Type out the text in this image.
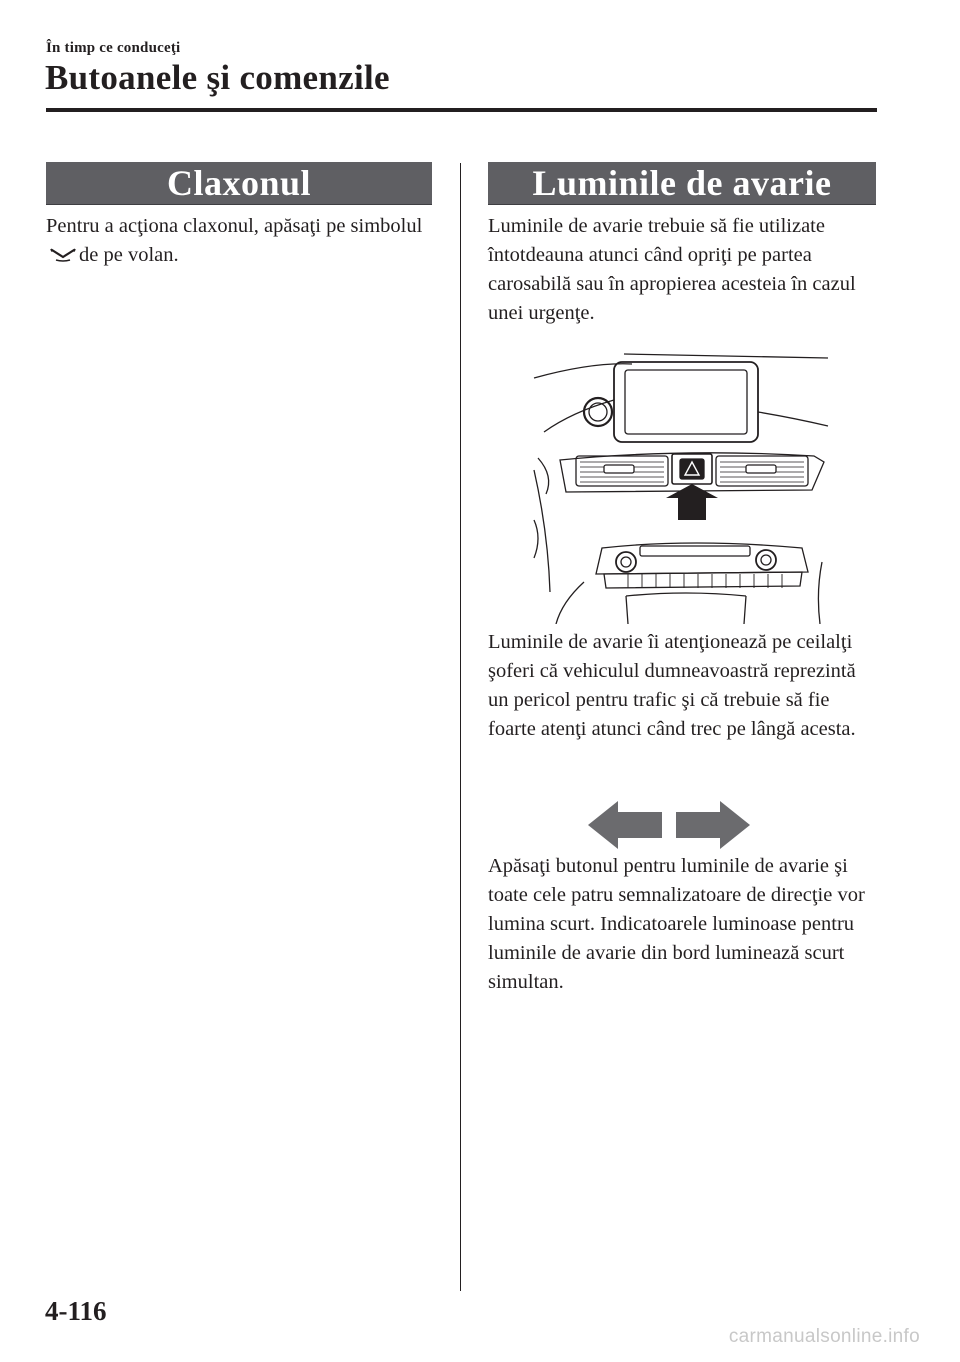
În timp ce conduceţi
Butoanele şi comenzile
Claxonul

Pentru a acţiona claxonul, apăsaţi pe simbolulde pe volan.

Luminile de avarie

Luminile de avarie trebuie să fie utilizate întotdeauna atunci când opriţi pe partea carosabilă sau în apropierea acesteia în cazul unei urgenţe.

Luminile de avarie îi atenţionează pe ceilalţi şoferi că vehiculul dumneavoastră reprezintă un pericol pentru trafic şi că trebuie să fie foarte atenţi atunci când trec pe lângă acesta.

Apăsaţi butonul pentru luminile de avarie şi toate cele patru semnalizatoare de direcţie vor lumina scurt. Indicatoarele luminoase pentru luminile de avarie din bord luminează scurt simultan.

4-116
carmanualsonline.info
